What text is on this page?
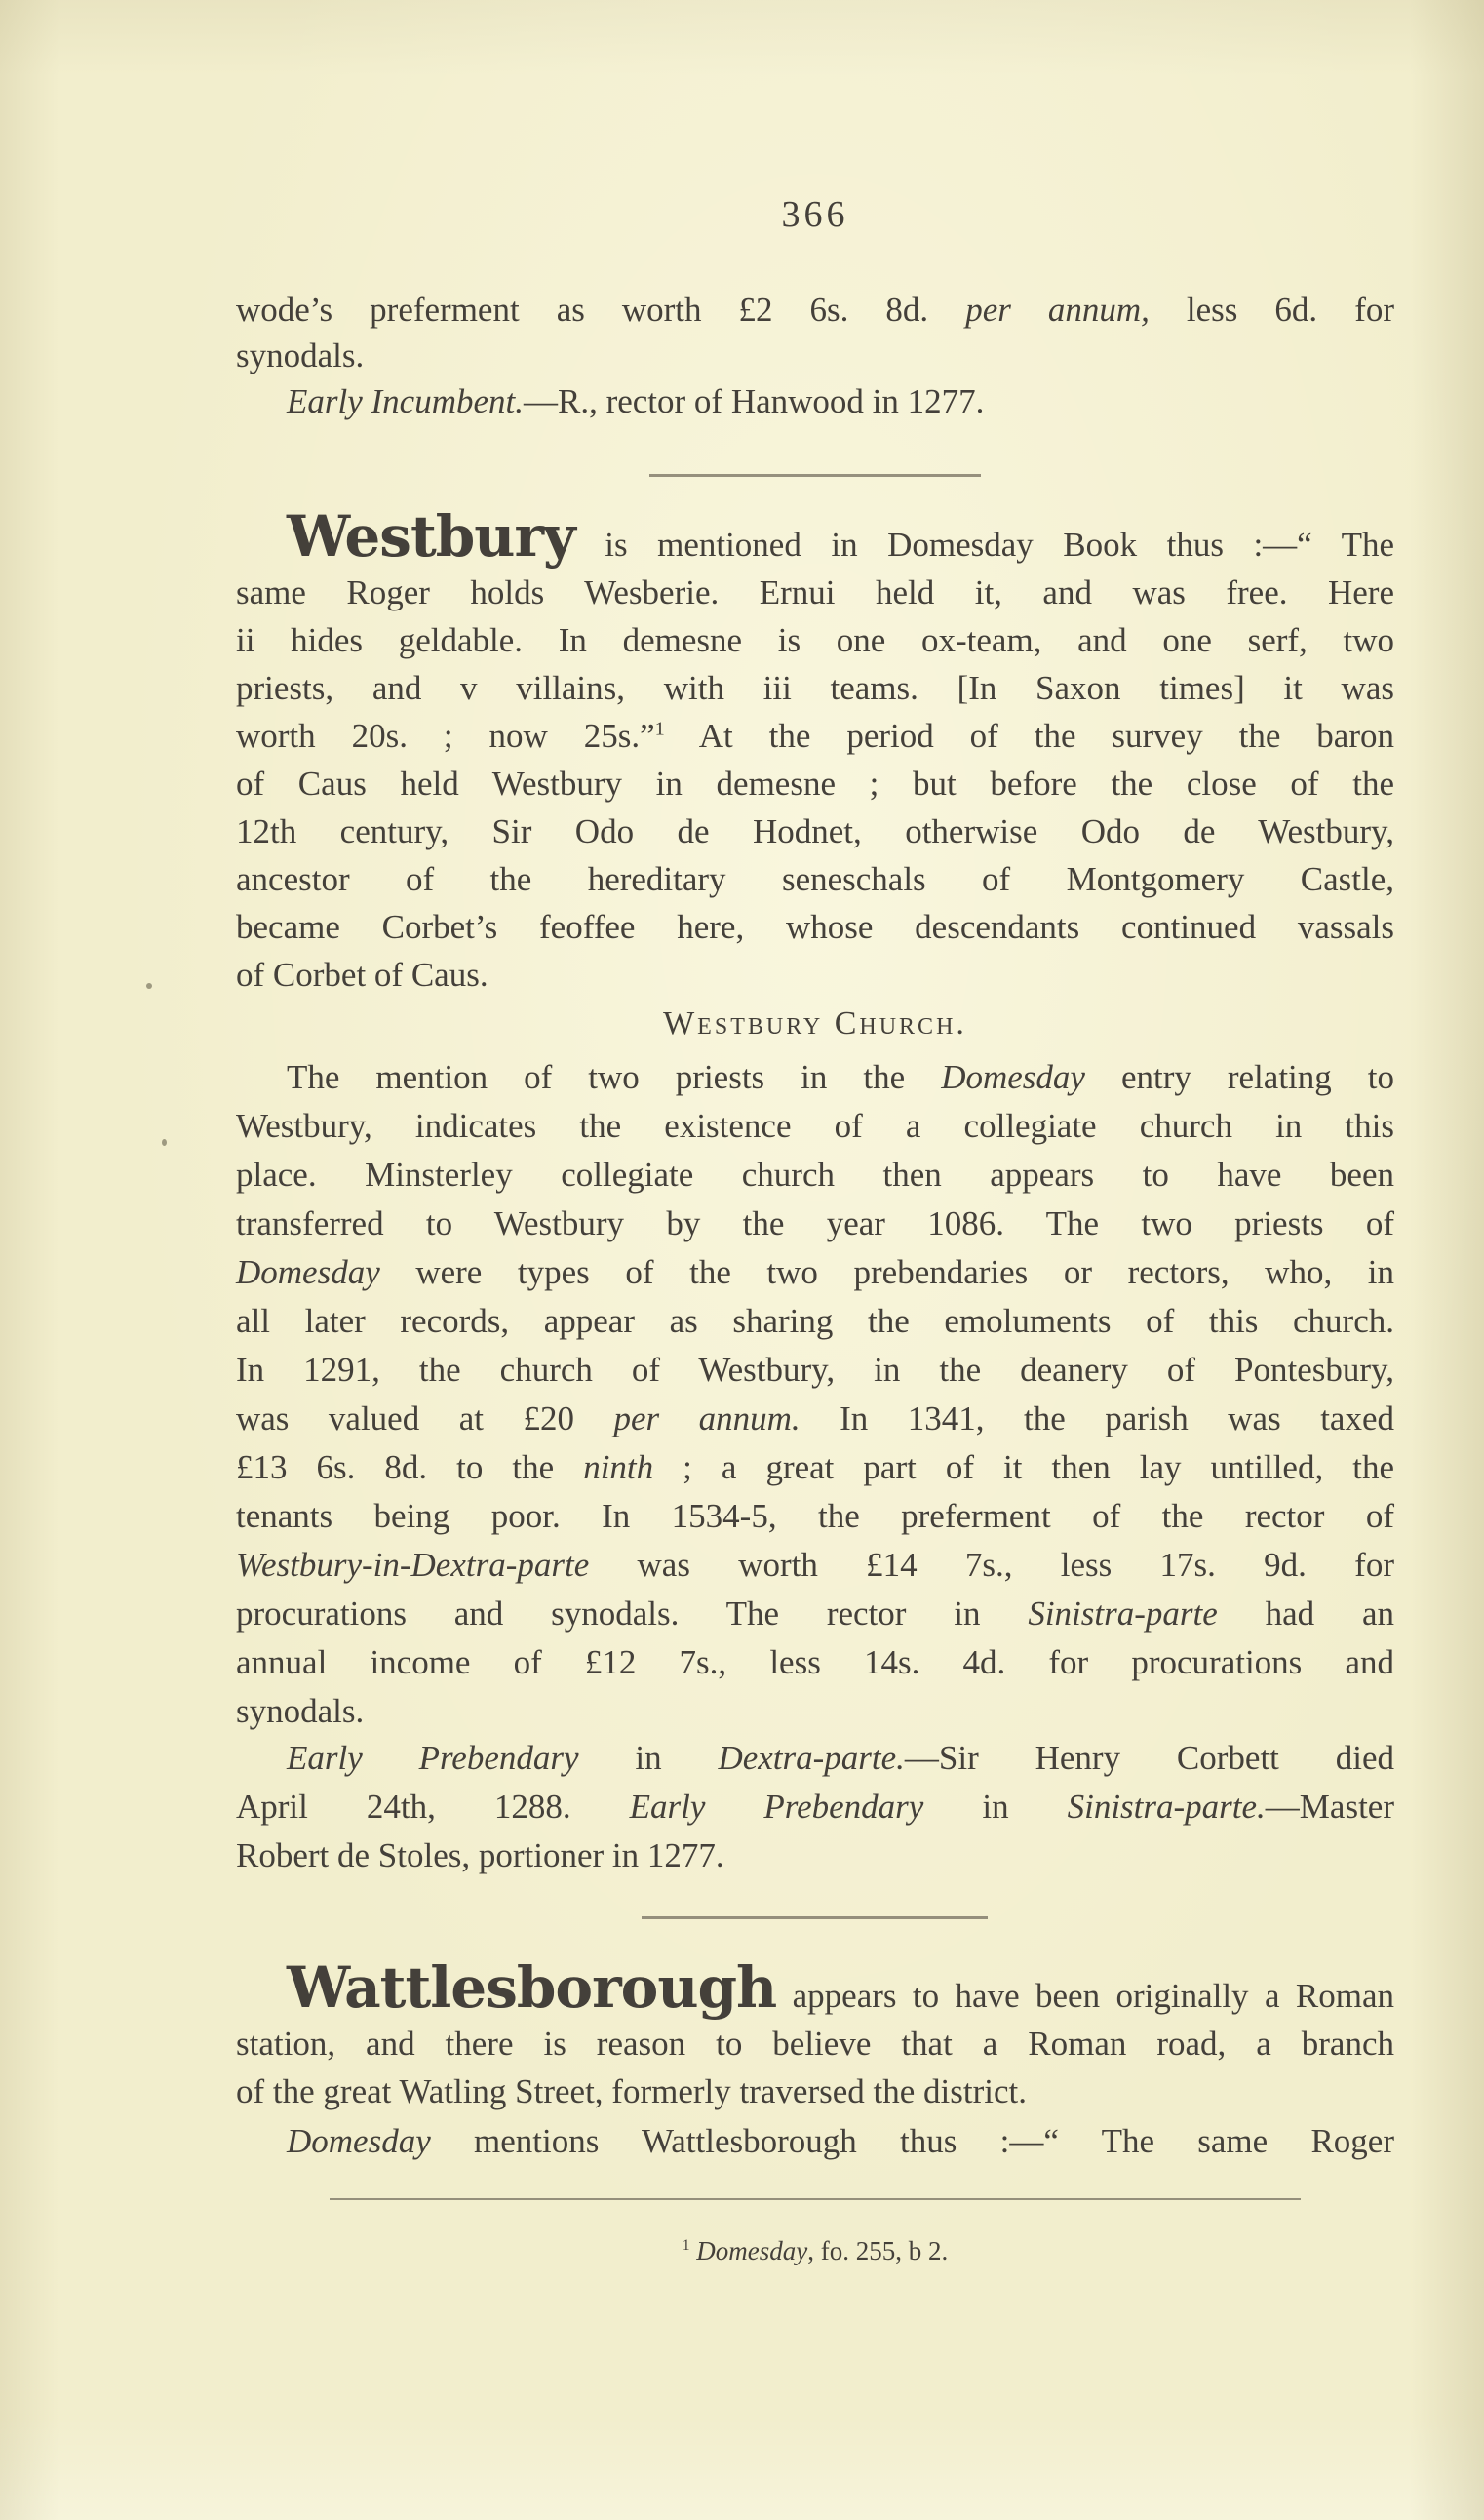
366
wode’s preferment as worth £2 6s. 8d. per annum, less 6d. for
synodals.
Early Incumbent.—R., rector of Hanwood in 1277.
Westbury is mentioned in Domesday Book thus :—“ The
same Roger holds Wesberie. Ernui held it, and was free. Here
ii hides geldable. In demesne is one ox-team, and one serf, two
priests, and v villains, with iii teams. [In Saxon times] it was
worth 20s. ; now 25s.”$^1$ At the period of the survey the baron
of Caus held Westbury in demesne ; but before the close of the
12th century, Sir Odo de Hodnet, otherwise Odo de Westbury,
ancestor of the hereditary seneschals of Montgomery Castle,
became Corbet’s feoffee here, whose descendants continued vassals
of Corbet of Caus.
Westbury Church.
The mention of two priests in the Domesday entry relating to
Westbury, indicates the existence of a collegiate church in this
place. Minsterley collegiate church then appears to have been
transferred to Westbury by the year 1086. The two priests of
Domesday were types of the two prebendaries or rectors, who, in
all later records, appear as sharing the emoluments of this church.
In 1291, the church of Westbury, in the deanery of Pontesbury,
was valued at £20 per annum. In 1341, the parish was taxed
£13 6s. 8d. to the ninth ; a great part of it then lay untilled, the
tenants being poor. In 1534-5, the preferment of the rector of
Westbury-in-Dextra-parte was worth £14 7s., less 17s. 9d. for
procurations and synodals. The rector in Sinistra-parte had an
annual income of £12 7s., less 14s. 4d. for procurations and
synodals.
Early Prebendary in Dextra-parte.—Sir Henry Corbett died
April 24th, 1288. Early Prebendary in Sinistra-parte.—Master
Robert de Stoles, portioner in 1277.
Wattlesborough appears to have been originally a Roman
station, and there is reason to believe that a Roman road, a branch
of the great Watling Street, formerly traversed the district.
Domesday mentions Wattlesborough thus :—“ The same Roger
$^1$ Domesday, fo. 255, b 2.
